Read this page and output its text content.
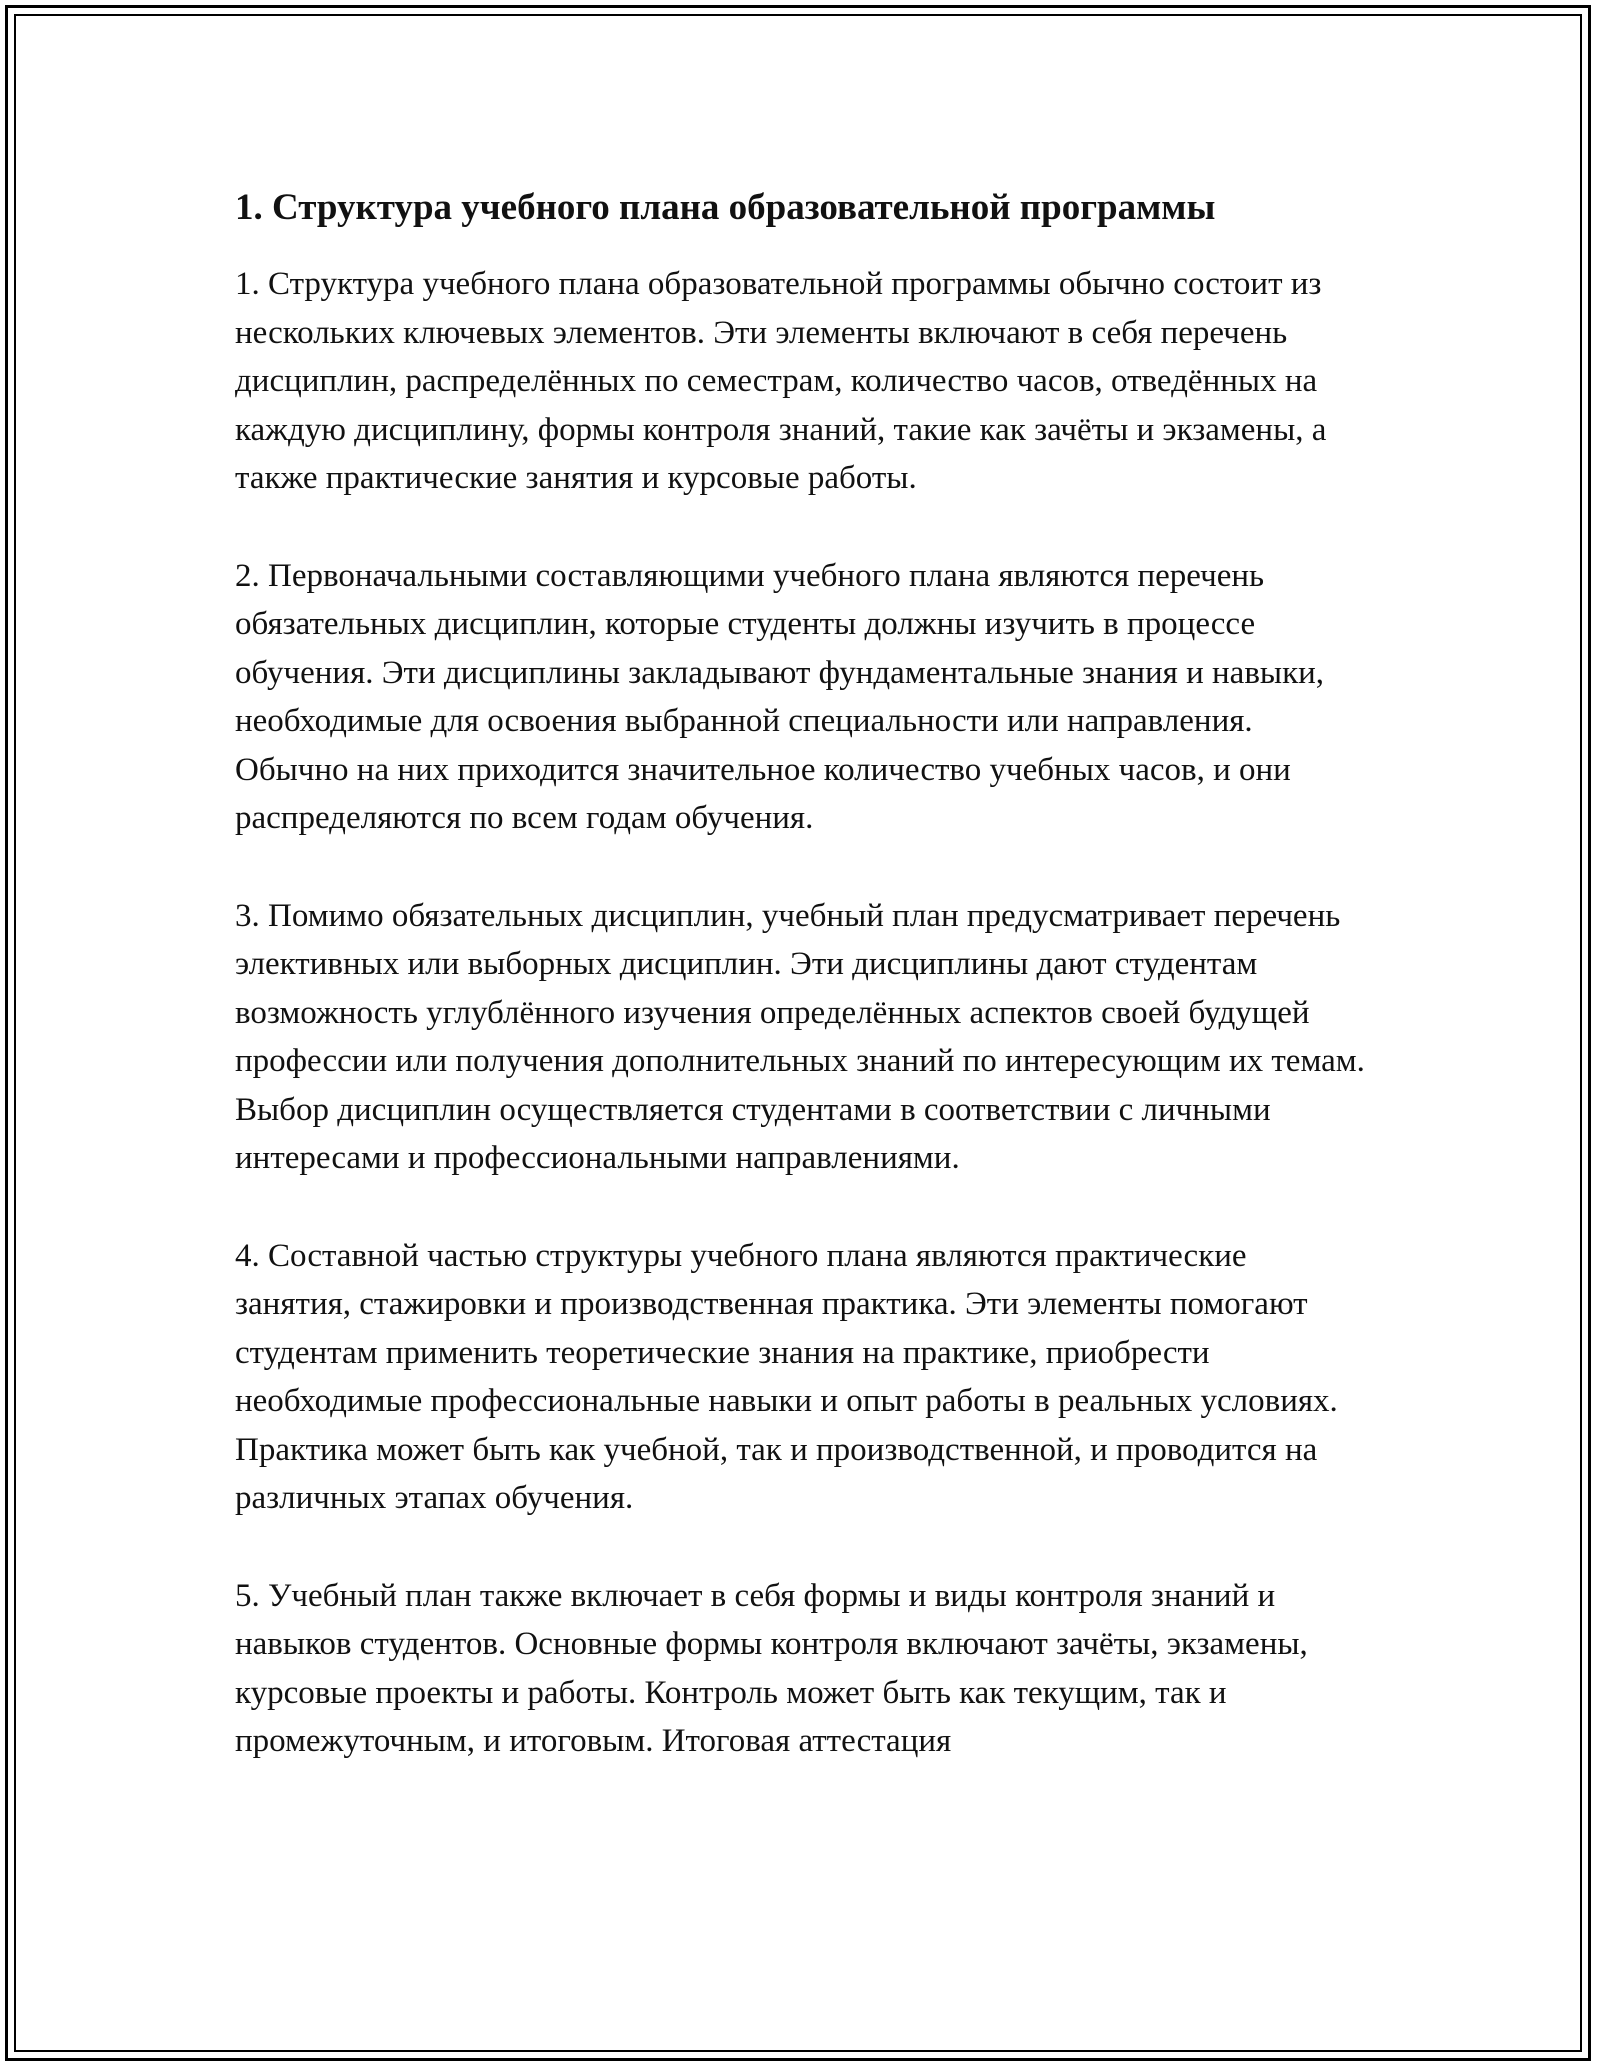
1. Структура учебного плана образовательной программы

1. Структура учебного плана образовательной программы обычно состоит из нескольких ключевых элементов. Эти элементы включают в себя перечень дисциплин, распределённых по семестрам, количество часов, отведённых на каждую дисциплину, формы контроля знаний, такие как зачёты и экзамены, а также практические занятия и курсовые работы.

2. Первоначальными составляющими учебного плана являются перечень обязательных дисциплин, которые студенты должны изучить в процессе обучения. Эти дисциплины закладывают фундаментальные знания и навыки, необходимые для освоения выбранной специальности или направления. Обычно на них приходится значительное количество учебных часов, и они распределяются по всем годам обучения.

3. Помимо обязательных дисциплин, учебный план предусматривает перечень элективных или выборных дисциплин. Эти дисциплины дают студентам возможность углублённого изучения определённых аспектов своей будущей профессии или получения дополнительных знаний по интересующим их темам. Выбор дисциплин осуществляется студентами в соответствии с личными интересами и профессиональными направлениями.

4. Составной частью структуры учебного плана являются практические занятия, стажировки и производственная практика. Эти элементы помогают студентам применить теоретические знания на практике, приобрести необходимые профессиональные навыки и опыт работы в реальных условиях. Практика может быть как учебной, так и производственной, и проводится на различных этапах обучения.

5. Учебный план также включает в себя формы и виды контроля знаний и навыков студентов. Основные формы контроля включают зачёты, экзамены, курсовые проекты и работы. Контроль может быть как текущим, так и промежуточным, и итоговым. Итоговая аттестация
